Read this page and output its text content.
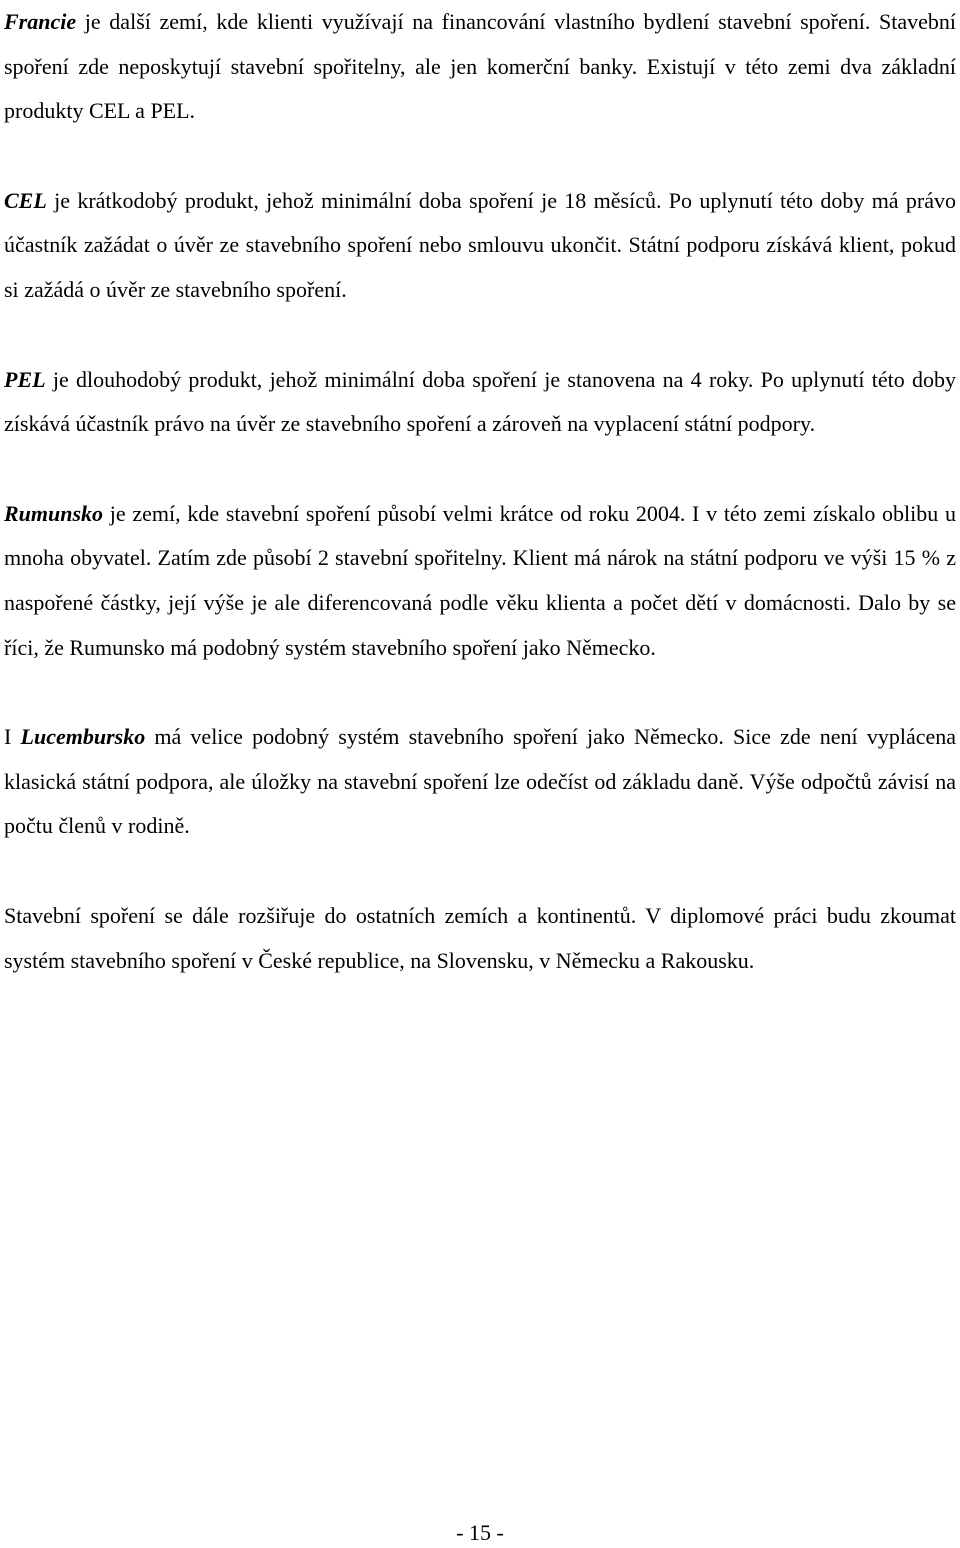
Francie je další zemí, kde klienti využívají na financování vlastního bydlení stavební spoření. Stavební spoření zde neposkytují stavební spořitelny, ale jen komerční banky. Existují v této zemi dva základní produkty CEL a PEL.

CEL je krátkodobý produkt, jehož minimální doba spoření je 18 měsíců. Po uplynutí této doby má právo účastník zažádat o úvěr ze stavebního spoření nebo smlouvu ukončit. Státní podporu získává klient, pokud si zažádá o úvěr ze stavebního spoření.

PEL je dlouhodobý produkt, jehož minimální doba spoření je stanovena na 4 roky. Po uplynutí této doby získává účastník právo na úvěr ze stavebního spoření a zároveň na vyplacení státní podpory.

Rumunsko je zemí, kde stavební spoření působí velmi krátce od roku 2004. I v této zemi získalo oblibu u mnoha obyvatel. Zatím zde působí 2 stavební spořitelny. Klient má nárok na státní podporu ve výši 15 % z naspořené částky, její výše je ale diferencovaná podle věku klienta a počet dětí v domácnosti. Dalo by se říci, že Rumunsko má podobný systém stavebního spoření jako Německo.

I Lucembursko má velice podobný systém stavebního spoření jako Německo. Sice zde není vyplácena klasická státní podpora, ale úložky na stavební spoření lze odečíst od základu daně. Výše odpočtů závisí na počtu členů v rodině.

Stavební spoření se dále rozšiřuje do ostatních zemích a kontinentů. V diplomové práci budu zkoumat systém stavebního spoření v České republice, na Slovensku, v Německu a Rakousku.

- 15 -
